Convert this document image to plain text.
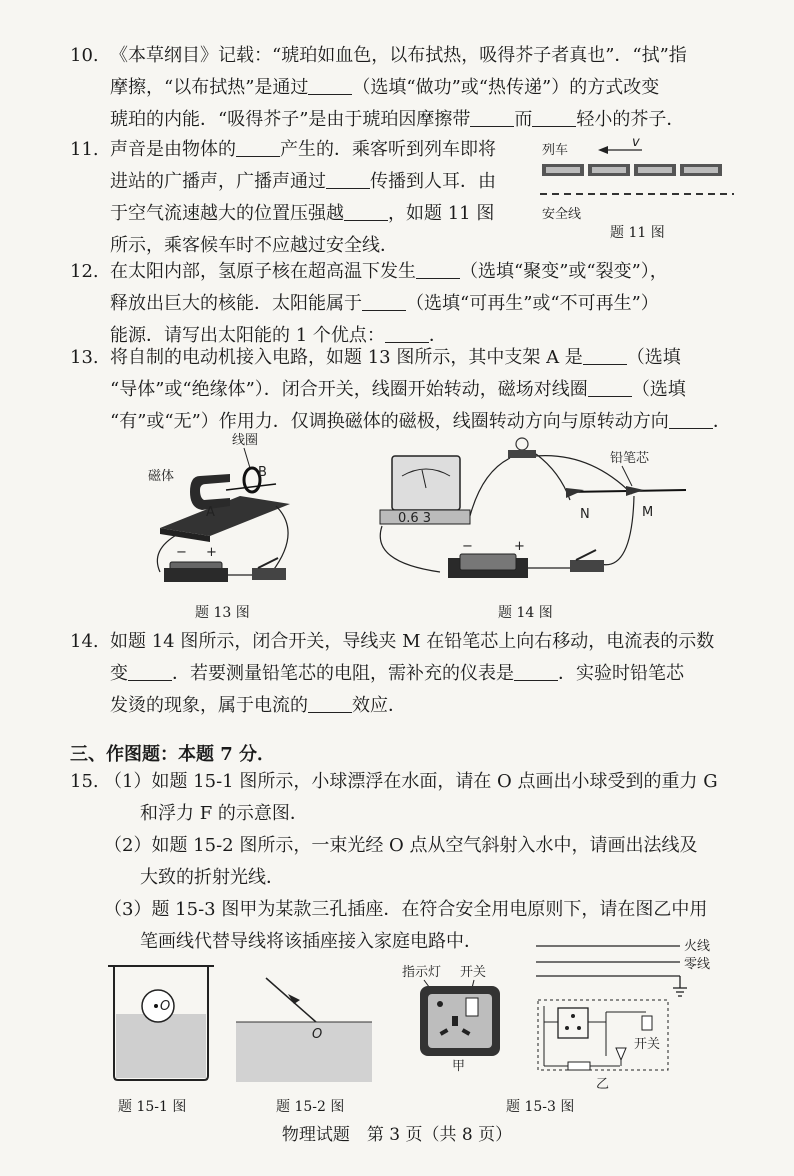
10. 《本草纲目》记载：“琥珀如血色，以布拭热，吸得芥子者真也”．“拭”指
摩擦，“以布拭热”是通过 （选填“做功”或“热传递”）的方式改变
琥珀的内能．“吸得芥子”是由于琥珀因摩擦带 而 轻小的芥子．
11. 声音是由物体的 产生的．乘客听到列车即将
进站的广播声，广播声通过 传播到人耳．由
于空气流速越大的位置压强越 ，如题 11 图
所示，乘客候车时不应越过安全线．
列车
v
安全线
题 11 图
12. 在太阳内部，氢原子核在超高温下发生 （选填“聚变”或“裂变”），
释放出巨大的核能．太阳能属于 （选填“可再生”或“不可再生”）
能源．请写出太阳能的 1 个优点： ．
13. 将自制的电动机接入电路，如题 13 图所示，其中支架 A 是 （选填
“导体”或“绝缘体”）．闭合开关，线圈开始转动，磁场对线圈 （选填
“有”或“无”）作用力．仅调换磁体的磁极，线圈转动方向与原转动方向 ．
线圈
磁体	B
A
− +
题 13 图
0.6 3
铅笔芯
N	M
−	+
题 14 图
14. 如题 14 图所示，闭合开关，导线夹 M 在铅笔芯上向右移动，电流表的示数
变 ．若要测量铅笔芯的电阻，需补充的仪表是 ．实验时铅笔芯
发烫的现象，属于电流的 效应．
三、作图题：本题 7 分．
15. （1）如题 15-1 图所示，小球漂浮在水面，请在 O 点画出小球受到的重力 G
和浮力 F 的示意图．
（2）如题 15-2 图所示，一束光经 O 点从空气斜射入水中，请画出法线及
大致的折射光线．
（3）题 15-3 图甲为某款三孔插座．在符合安全用电原则下，请在图乙中用
笔画线代替导线将该插座接入家庭电路中．
O
题 15-1 图
O
题 15-2 图
指示灯 开关
甲
火线
零线
开关
乙
题 15-3 图
物理试题　第 3 页（共 8 页）
